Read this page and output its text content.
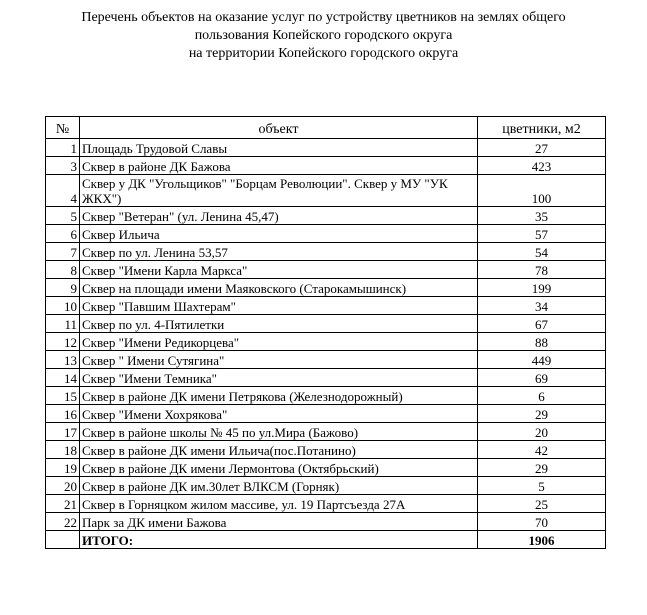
Перечень объектов на оказание услуг по устройству цветников на землях общего
пользования Копейского городского округа
на территории Копейского городского округа
№	объект	цветники, м2
1	Площадь Трудовой Славы	27
3	Сквер в районе ДК Бажова	423
4	Сквер у ДК "Угольщиков" "Борцам Революции". Сквер у МУ "УК ЖКХ")	100
5	Сквер "Ветеран" (ул. Ленина 45,47)	35
6	Сквер Ильича	57
7	Сквер по ул. Ленина 53,57	54
8	Сквер "Имени Карла Маркса"	78
9	Сквер на площади имени Маяковского (Старокамышинск)	199
10	Сквер "Павшим Шахтерам"	34
11	Сквер по ул. 4-Пятилетки	67
12	Сквер "Имени Редикорцева"	88
13	Сквер " Имени Сутягина"	449
14	Сквер "Имени Темника"	69
15	Сквер в районе ДК имени Петрякова (Железнодорожный)	6
16	Сквер "Имени Хохрякова"	29
17	Сквер в районе школы № 45 по ул.Мира (Бажово)	20
18	Сквер в районе ДК имени Ильича(пос.Потанино)	42
19	Сквер в районе ДК имени Лермонтова (Октябрьский)	29
20	Сквер в районе ДК им.30лет ВЛКСМ (Горняк)	5
21	Сквер в Горняцком жилом массиве, ул. 19 Партсъезда 27А	25
22	Парк за ДК имени Бажова	70
	ИТОГО:	1906
